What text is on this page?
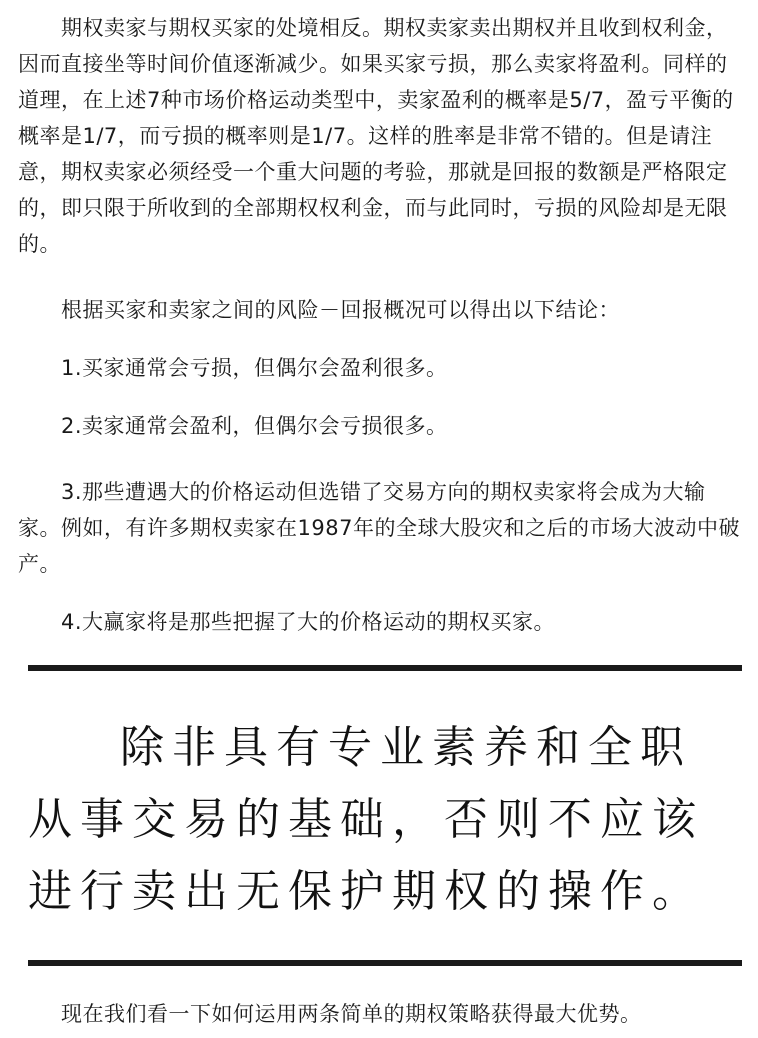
期权卖家与期权买家的处境相反。期权卖家卖出期权并且收到权利金，因而直接坐等时间价值逐渐减少。如果买家亏损，那么卖家将盈利。同样的道理，在上述7种市场价格运动类型中，卖家盈利的概率是5/7，盈亏平衡的概率是1/7，而亏损的概率则是1/7。这样的胜率是非常不错的。但是请注意，期权卖家必须经受一个重大问题的考验，那就是回报的数额是严格限定的，即只限于所收到的全部期权权利金，而与此同时，亏损的风险却是无限的。

根据买家和卖家之间的风险－回报概况可以得出以下结论：

1.买家通常会亏损，但偶尔会盈利很多。

2.卖家通常会盈利，但偶尔会亏损很多。

3.那些遭遇大的价格运动但选错了交易方向的期权卖家将会成为大输家。例如，有许多期权卖家在1987年的全球大股灾和之后的市场大波动中破产。

4.大赢家将是那些把握了大的价格运动的期权买家。

除非具有专业素养和全职从事交易的基础，否则不应该进行卖出无保护期权的操作。

现在我们看一下如何运用两条简单的期权策略获得最大优势。
